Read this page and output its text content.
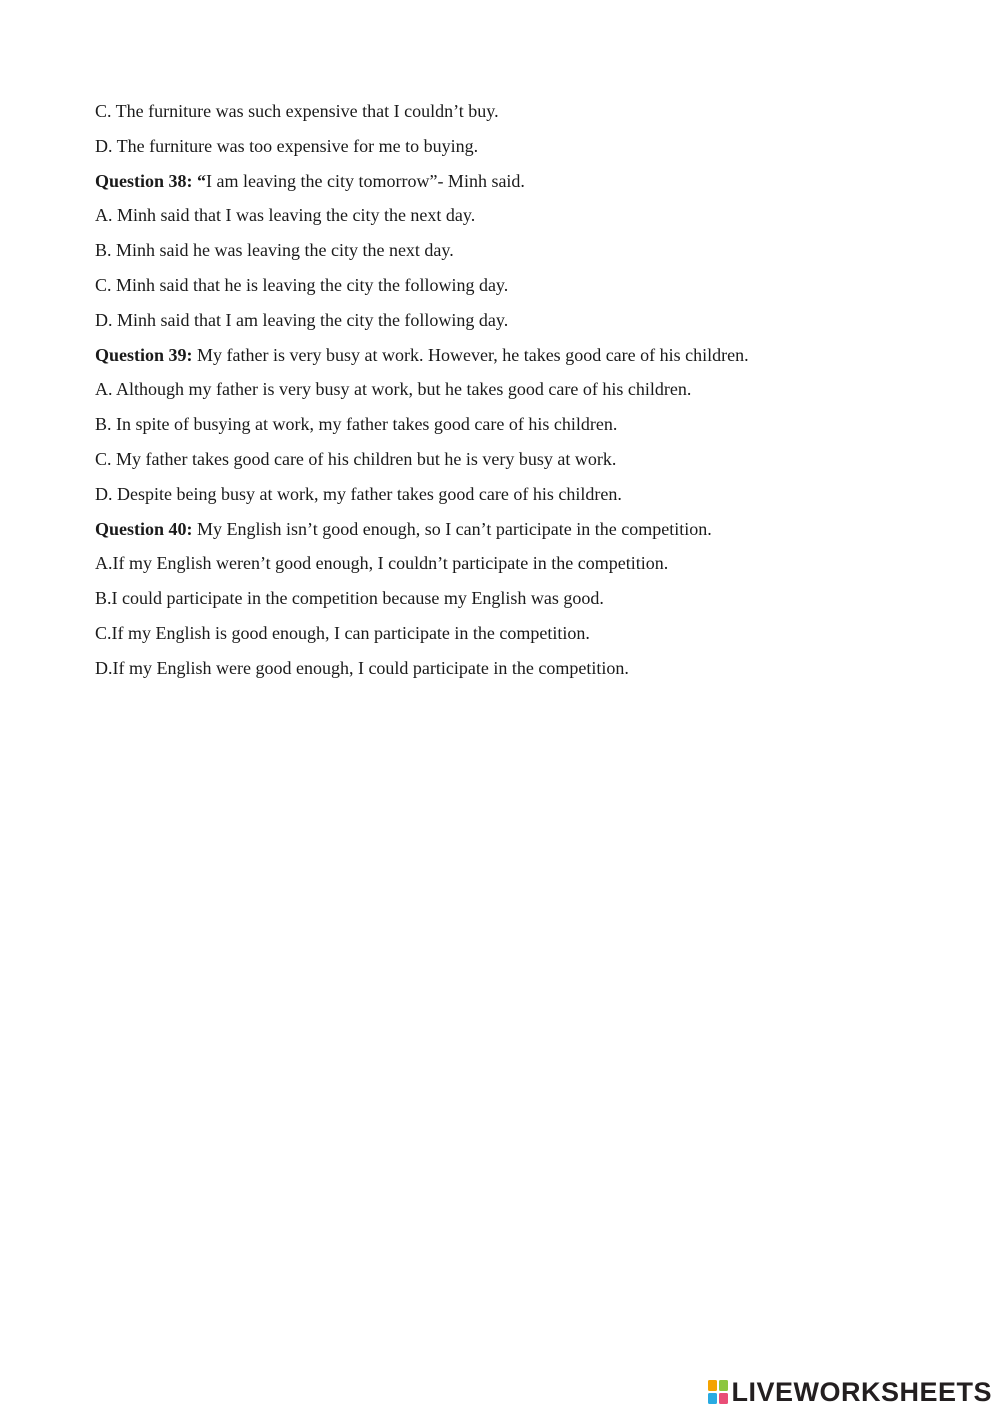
C. The furniture was such expensive that I couldn’t buy.
D. The furniture was too expensive for me to buying.
Question 38: “I am leaving the city tomorrow”- Minh said.
A. Minh said that I was leaving the city the next day.
B. Minh said he was leaving the city the next day.
C. Minh said that he is leaving the city the following day.
D. Minh said that I am leaving the city the following day.
Question 39: My father is very busy at work. However, he takes good care of his children.
A. Although my father is very busy at work, but he takes good care of his children.
B. In spite of busying at work, my father takes good care of his children.
C. My father takes good care of his children but he is very busy at work.
D. Despite being busy at work, my father takes good care of his children.
Question 40: My English isn’t good enough, so I can’t participate in the competition.
A.If my English weren’t good enough, I couldn’t participate in the competition.
B.I could participate in the competition because my English was good.
C.If my English is good enough, I can participate in the competition.
D.If my English were good enough, I could participate in the competition.
LIVEWORKSHEETS
